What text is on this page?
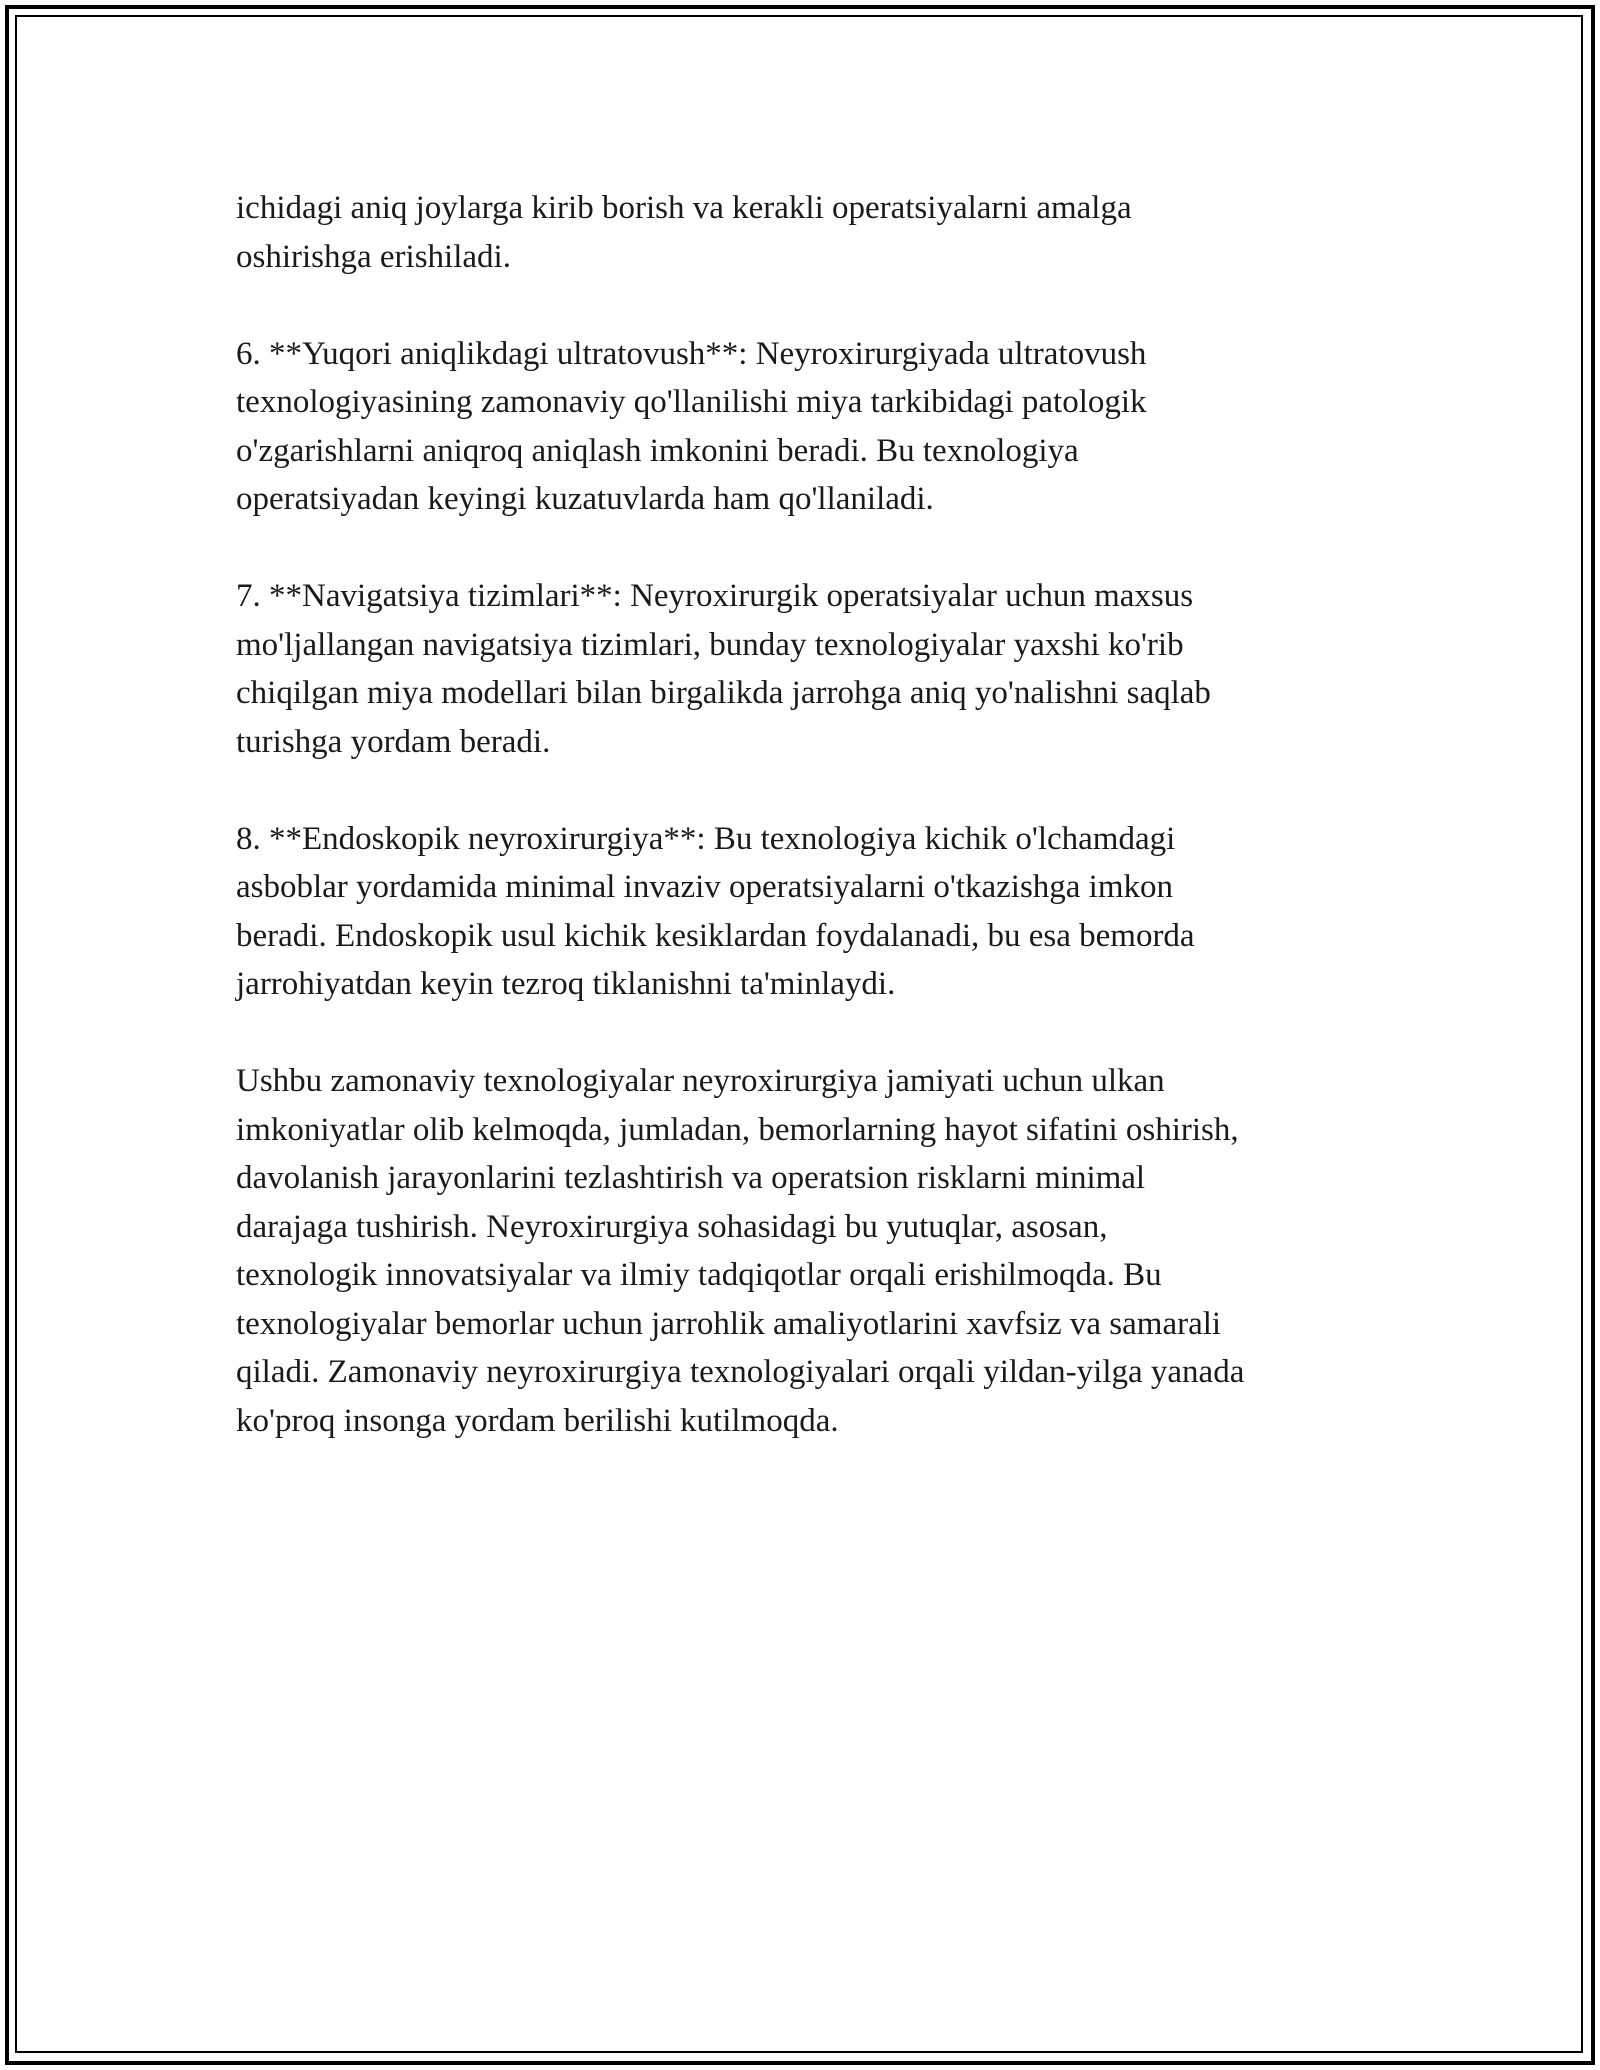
ichidagi aniq joylarga kirib borish va kerakli operatsiyalarni amalga
oshirishga erishiladi.

6. **Yuqori aniqlikdagi ultratovush**: Neyroxirurgiyada ultratovush
texnologiyasining zamonaviy qo'llanilishi miya tarkibidagi patologik
o'zgarishlarni aniqroq aniqlash imkonini beradi. Bu texnologiya
operatsiyadan keyingi kuzatuvlarda ham qo'llaniladi.

7. **Navigatsiya tizimlari**: Neyroxirurgik operatsiyalar uchun maxsus
mo'ljallangan navigatsiya tizimlari, bunday texnologiyalar yaxshi ko'rib
chiqilgan miya modellari bilan birgalikda jarrohga aniq yo'nalishni saqlab
turishga yordam beradi.

8. **Endoskopik neyroxirurgiya**: Bu texnologiya kichik o'lchamdagi
asboblar yordamida minimal invaziv operatsiyalarni o'tkazishga imkon
beradi. Endoskopik usul kichik kesiklardan foydalanadi, bu esa bemorda
jarrohiyatdan keyin tezroq tiklanishni ta'minlaydi.

Ushbu zamonaviy texnologiyalar neyroxirurgiya jamiyati uchun ulkan
imkoniyatlar olib kelmoqda, jumladan, bemorlarning hayot sifatini oshirish,
davolanish jarayonlarini tezlashtirish va operatsion risklarni minimal
darajaga tushirish. Neyroxirurgiya sohasidagi bu yutuqlar, asosan,
texnologik innovatsiyalar va ilmiy tadqiqotlar orqali erishilmoqda. Bu
texnologiyalar bemorlar uchun jarrohlik amaliyotlarini xavfsiz va samarali
qiladi. Zamonaviy neyroxirurgiya texnologiyalari orqali yildan-yilga yanada
ko'proq insonga yordam berilishi kutilmoqda.
